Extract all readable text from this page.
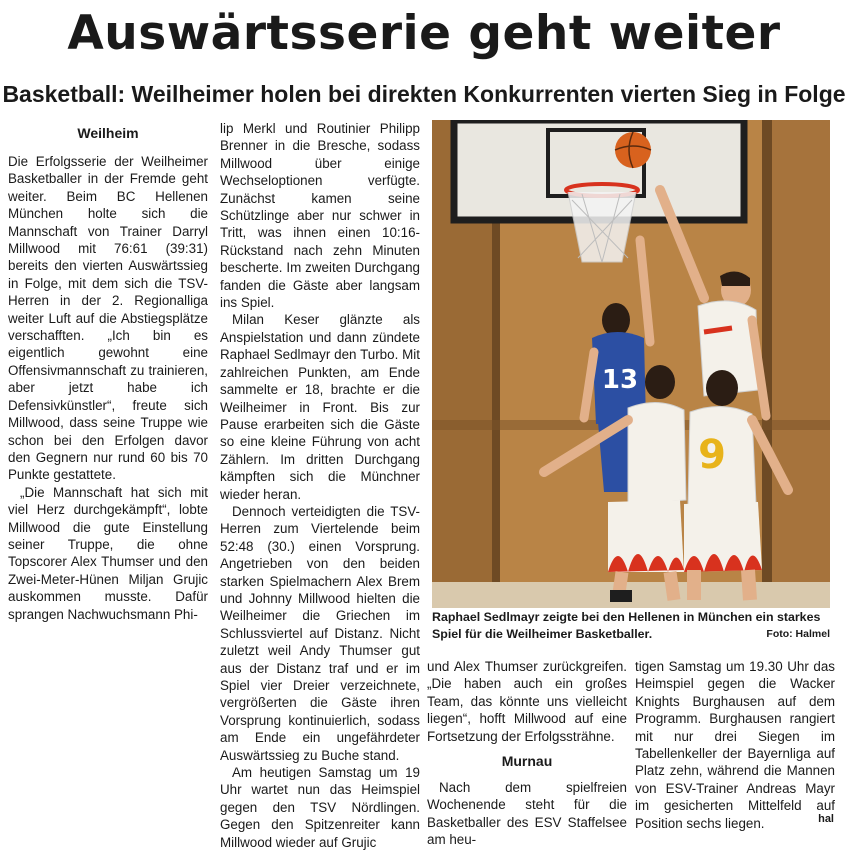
Auswärtsserie geht weiter
Basketball: Weilheimer holen bei direkten Konkurrenten vierten Sieg in Folge
Weilheim

Die Erfolgsserie der Weilheimer Basketballer in der Fremde geht weiter. Beim BC Hellenen München holte sich die Mannschaft von Trainer Darryl Millwood mit 76:61 (39:31) bereits den vierten Auswärtssieg in Folge, mit dem sich die TSV-Herren in der 2. Regionalliga weiter Luft auf die Abstiegsplätze verschafften. „Ich bin es eigentlich gewohnt eine Offensivmannschaft zu trainieren, aber jetzt habe ich Defensivkünstler“, freute sich Millwood, dass seine Truppe wie schon bei den Erfolgen davor den Gegnern nur rund 60 bis 70 Punkte gestattete.

„Die Mannschaft hat sich mit viel Herz durchgekämpft“, lobte Millwood die gute Einstellung seiner Truppe, die ohne Topscorer Alex Thumser und den Zwei-Meter-Hünen Miljan Grujic auskommen musste. Dafür sprangen Nachwuchsmann Phi-

lip Merkl und Routinier Philipp Brenner in die Bresche, sodass Millwood über einige Wechseloptionen verfügte. Zunächst kamen seine Schützlinge aber nur schwer in Tritt, was ihnen einen 10:16-Rückstand nach zehn Minuten bescherte. Im zweiten Durchgang fanden die Gäste aber langsam ins Spiel.

Milan Keser glänzte als Anspielstation und dann zündete Raphael Sedlmayr den Turbo. Mit zahlreichen Punkten, am Ende sammelte er 18, brachte er die Weilheimer in Front. Bis zur Pause erarbeiten sich die Gäste so eine kleine Führung von acht Zählern. Im dritten Durchgang kämpften sich die Münchner wieder heran.

Dennoch verteidigten die TSV-Herren zum Viertelende beim 52:48 (30.) einen Vorsprung. Angetrieben von den beiden starken Spielmachern Alex Brem und Johnny Millwood hielten die Weilheimer die Griechen im Schlussviertel auf Distanz. Nicht zuletzt weil Andy Thumser gut aus der Distanz traf und er im Spiel vier Dreier verzeichnete, vergrößerten die Gäste ihren Vorsprung kontinuierlich, sodass am Ende ein ungefährdeter Auswärtssieg zu Buche stand.

Am heutigen Samstag um 19 Uhr wartet nun das Heimspiel gegen den TSV Nördlingen. Gegen den Spitzenreiter kann Millwood wieder auf Grujic

13
9
Raphael Sedlmayr zeigte bei den Hellenen in München ein starkes Spiel für die Weilheimer Basketballer.	Foto: Halmel

und Alex Thumser zurückgreifen. „Die haben auch ein großes Team, das könnte uns vielleicht liegen“, hofft Millwood auf eine Fortsetzung der Erfolgssträhne.

Murnau

Nach dem spielfreien Wochenende steht für die Basketballer des ESV Staffelsee am heu-

tigen Samstag um 19.30 Uhr das Heimspiel gegen die Wacker Knights Burghausen auf dem Programm. Burghausen rangiert mit nur drei Siegen im Tabellenkeller der Bayernliga auf Platz zehn, während die Mannen von ESV-Trainer Andreas Mayr im gesicherten Mittelfeld auf Position sechs liegen.	hal
